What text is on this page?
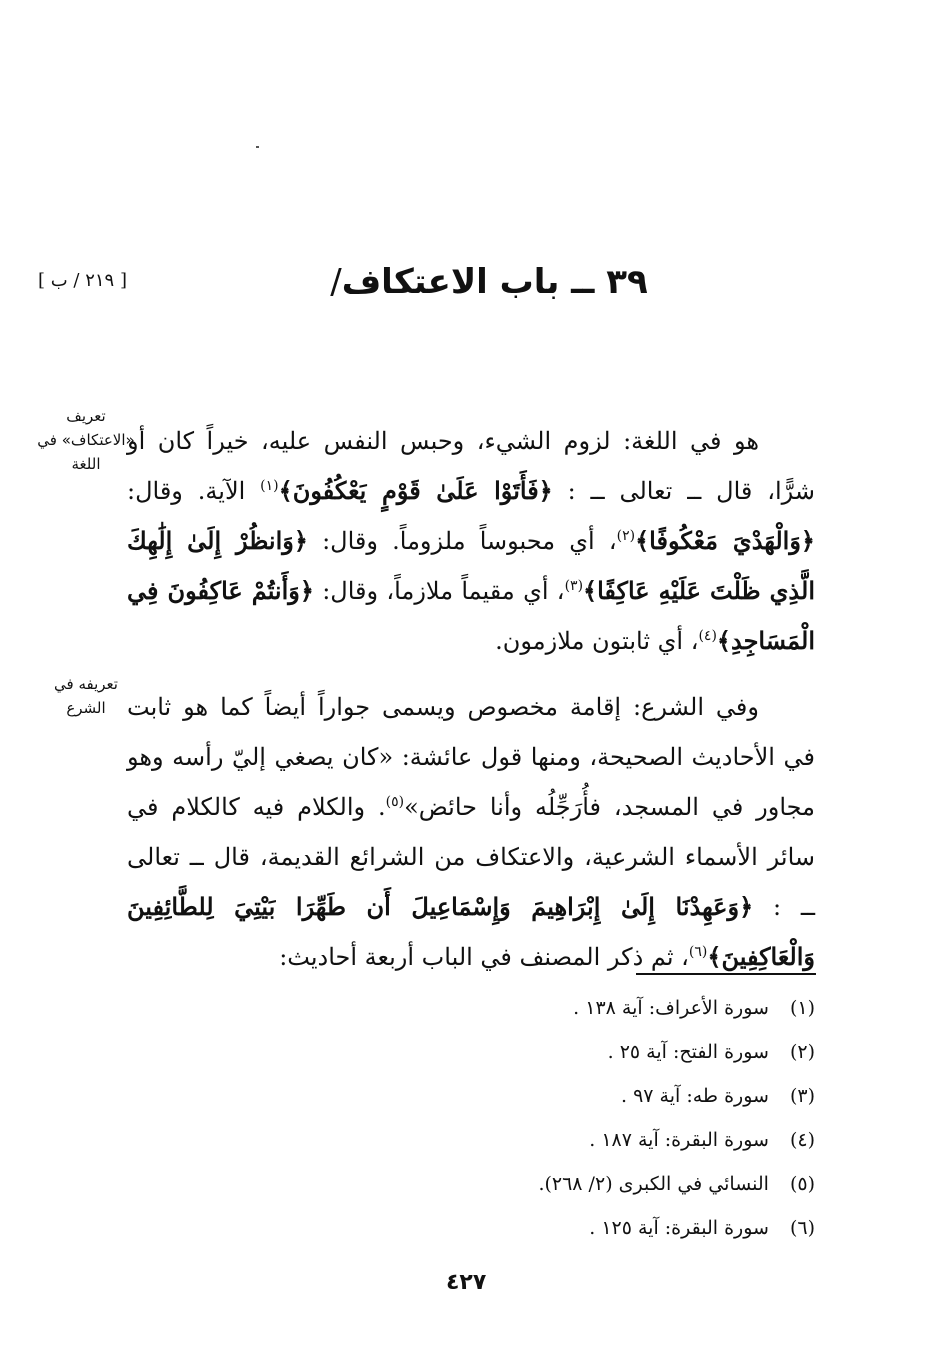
[ ٢١٩ / ب ]	٣٩ ــ باب الاعتكاف/
تعريف «الاعتكاف» في اللغة
تعريفه في الشرع

هو في اللغة: لزوم الشيء، وحبس النفس عليه، خيراً كان أو شرًّا، قال ــ تعالى ــ : ﴿فَأَتَوْا عَلَىٰ قَوْمٍ يَعْكُفُونَ﴾$^{(١)}$ الآية. وقال: ﴿وَالْهَدْيَ مَعْكُوفًا﴾$^{(٢)}$، أي محبوساً ملزوماً. وقال: ﴿وَانظُرْ إِلَىٰ إِلَٰهِكَ الَّذِي ظَلْتَ عَلَيْهِ عَاكِفًا﴾$^{(٣)}$، أي مقيماً ملازماً، وقال: ﴿وَأَنتُمْ عَاكِفُونَ فِي الْمَسَاجِدِ﴾$^{(٤)}$، أي ثابتون ملازمون.

وفي الشرع: إقامة مخصوص ويسمى جواراً أيضاً كما هو ثابت في الأحاديث الصحيحة، ومنها قول عائشة: «كان يصغي إليّ رأسه وهو مجاور في المسجد، فأُرَجِّلُه وأنا حائض»$^{(٥)}$. والكلام فيه كالكلام في سائر الأسماء الشرعية، والاعتكاف من الشرائع القديمة، قال ــ تعالى ــ : ﴿وَعَهِدْنَا إِلَىٰ إِبْرَاهِيمَ وَإِسْمَاعِيلَ أَن طَهِّرَا بَيْتِيَ لِلطَّائِفِينَ وَالْعَاكِفِينَ﴾$^{(٦)}$، ثم ذكر المصنف في الباب أربعة أحاديث:

(١) سورة الأعراف: آية ١٣٨ .
(٢) سورة الفتح: آية ٢٥ .
(٣) سورة طه: آية ٩٧ .
(٤) سورة البقرة: آية ١٨٧ .
(٥) النسائي في الكبرى (٢/ ٢٦٨).
(٦) سورة البقرة: آية ١٢٥ .
٤٢٧
